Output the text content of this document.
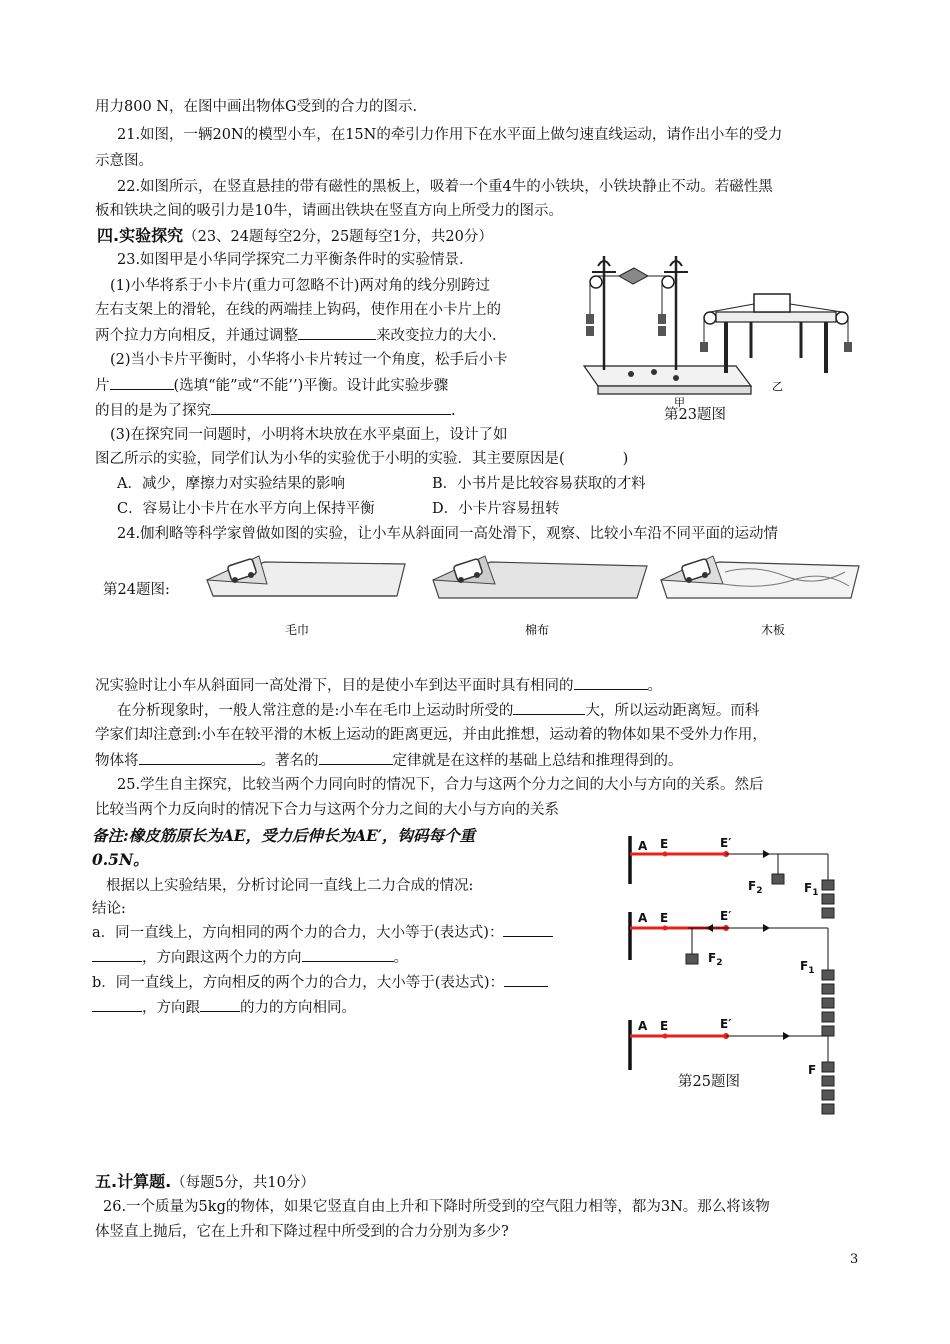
用力800 N，在图中画出物体G受到的合力的图示.
21.如图，一辆20N的模型小车，在15N的牵引力作用下在水平面上做匀速直线运动，请作出小车的受力
示意图。
22.如图所示，在竖直悬挂的带有磁性的黑板上，吸着一个重4牛的小铁块，小铁块静止不动。若磁性黑
板和铁块之间的吸引力是10牛，请画出铁块在竖直方向上所受力的图示。
四.实验探究（23、24题每空2分，25题每空1分，共20分）
23.如图甲是小华同学探究二力平衡条件时的实验情景.
(1)小华将系于小卡片(重力可忽略不计)两对角的线分别跨过
左右支架上的滑轮，在线的两端挂上钩码，使作用在小卡片上的
两个拉力方向相反，并通过调整	来改变拉力的大小.
(2)当小卡片平衡时，小华将小卡片转过一个角度，松手后小卡
片	(选填“能”或“不能’’)平衡。设计此实验步骤
的目的是为了探究	.	第23题图
(3)在探究同一问题时，小明将木块放在水平桌面上，设计了如
图乙所示的实验，同学们认为小华的实验优于小明的实验．其主要原因是(　　　　)
A．减少，摩擦力对实验结果的影响	B．小书片是比较容易获取的才料
C．容易让小卡片在水平方向上保持平衡	D．小卡片容易扭转
甲
乙
24.伽利略等科学家曾做如图的实验，让小车从斜面同一高处滑下，观察、比较小车沿不同平面的运动情
第24题图:
毛巾	棉布	木板
况实验时让小车从斜面同一高处滑下，目的是使小车到达平面时具有相同的	。
在分析现象时，一般人常注意的是:小车在毛巾上运动时所受的	大，所以运动距离短。而科
学家们却注意到:小车在较平滑的木板上运动的距离更远，并由此推想，运动着的物体如果不受外力作用，
物体将	。著名的	定律就是在这样的基础上总结和推理得到的。
25.学生自主探究，比较当两个力同向时的情况下，合力与这两个分力之间的大小与方向的关系。然后
比较当两个力反向时的情况下合力与这两个分力之间的大小与方向的关系
备注:橡皮筋原长为AE，受力后伸长为AE′，钩码每个重
0.5N。
根据以上实验结果，分析讨论同一直线上二力合成的情况:
结论:
a．同一直线上，方向相同的两个力的合力，大小等于(表达式)：
，方向跟这两个力的方向	。
b．同一直线上，方向相反的两个力的合力，大小等于(表达式)：
，方向跟	的力的方向相同。
A E	E′
$F_2$	$F_1$
A E	E′
$F_2$	$F_1$
A E	E′
F
第25题图
五.计算题.（每题5分，共10分）
26.一个质量为5kg的物体，如果它竖直自由上升和下降时所受到的空气阻力相等，都为3N。那么将该物
体竖直上抛后，它在上升和下降过程中所受到的合力分别为多少?
3
